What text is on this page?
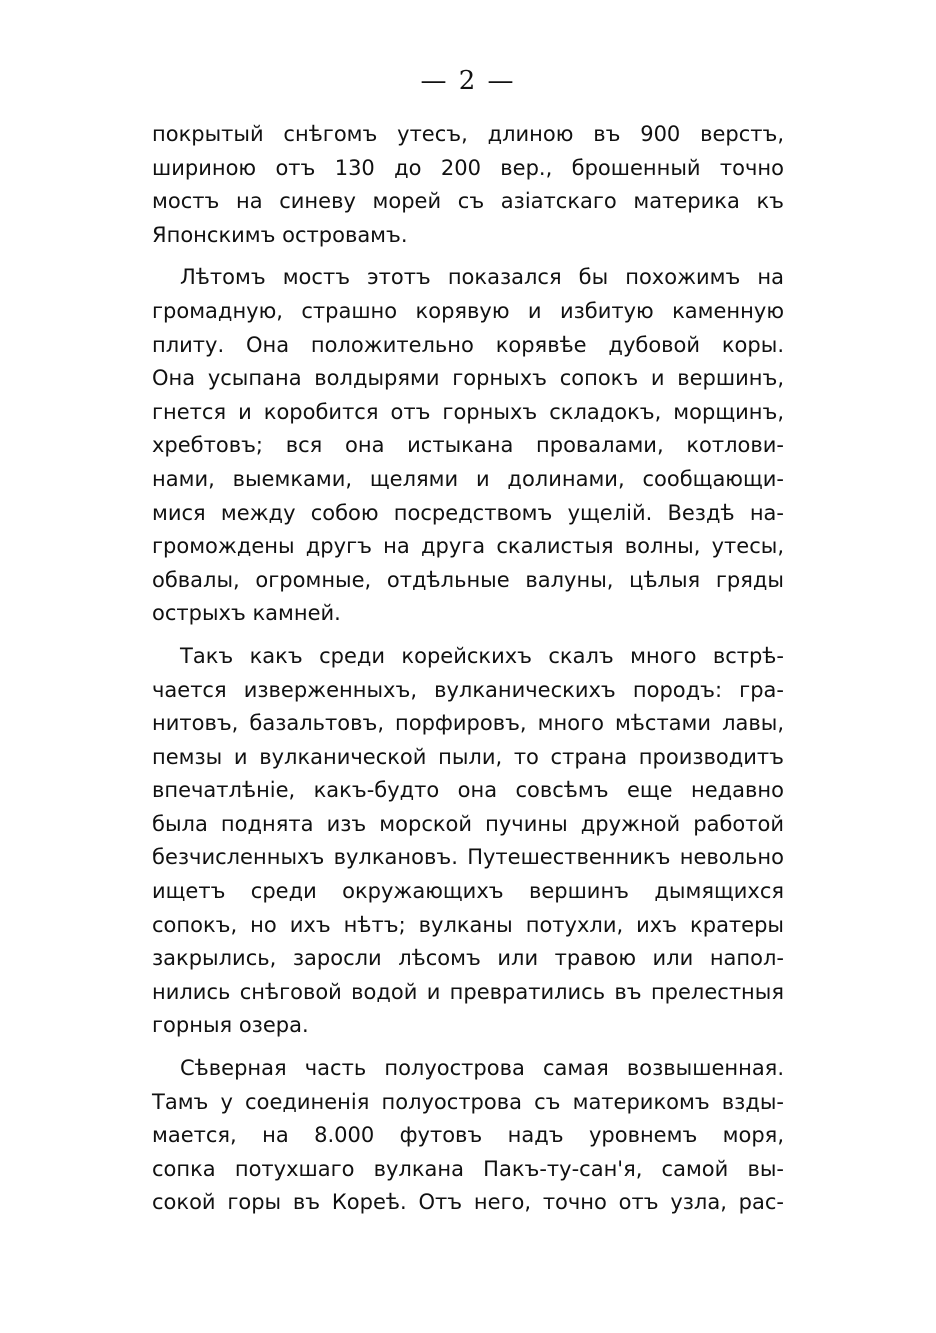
— 2 —
покрытый снѣгомъ утесъ, длиною въ 900 верстъ,
шириною отъ 130 до 200 вер., брошенный точно
мостъ на синеву морей съ азіатскаго материка къ
Японскимъ островамъ.
Лѣтомъ мостъ этотъ показался бы похожимъ на
громадную, страшно корявую и избитую каменную
плиту. Она положительно корявѣе дубовой коры.
Она усыпана волдырями горныхъ сопокъ и вершинъ,
гнется и коробится отъ горныхъ складокъ, морщинъ,
хребтовъ; вся она истыкана провалами, котлови-
нами, выемками, щелями и долинами, сообщающи-
мися между собою посредствомъ ущелій. Вездѣ на-
громождены другъ на друга скалистыя волны, утесы,
обвалы, огромные, отдѣльные валуны, цѣлыя гряды
острыхъ камней.
Такъ какъ среди корейскихъ скалъ много встрѣ-
чается изверженныхъ, вулканическихъ породъ: гра-
нитовъ, базальтовъ, порфировъ, много мѣстами лавы,
пемзы и вулканической пыли, то страна производитъ
впечатлѣніе, какъ-будто она совсѣмъ еще недавно
была поднята изъ морской пучины дружной работой
безчисленныхъ вулкановъ. Путешественникъ невольно
ищетъ среди окружающихъ вершинъ дымящихся
сопокъ, но ихъ нѣтъ; вулканы потухли, ихъ кратеры
закрылись, заросли лѣсомъ или травою или напол-
нились снѣговой водой и превратились въ прелестныя
горныя озера.
Сѣверная часть полуострова самая возвышенная.
Тамъ у соединенія полуострова съ материкомъ взды-
мается, на 8.000 футовъ надъ уровнемъ моря,
сопка потухшаго вулкана Пакъ-ту-сан'я, самой вы-
сокой горы въ Кореѣ. Отъ него, точно отъ узла, рас-
